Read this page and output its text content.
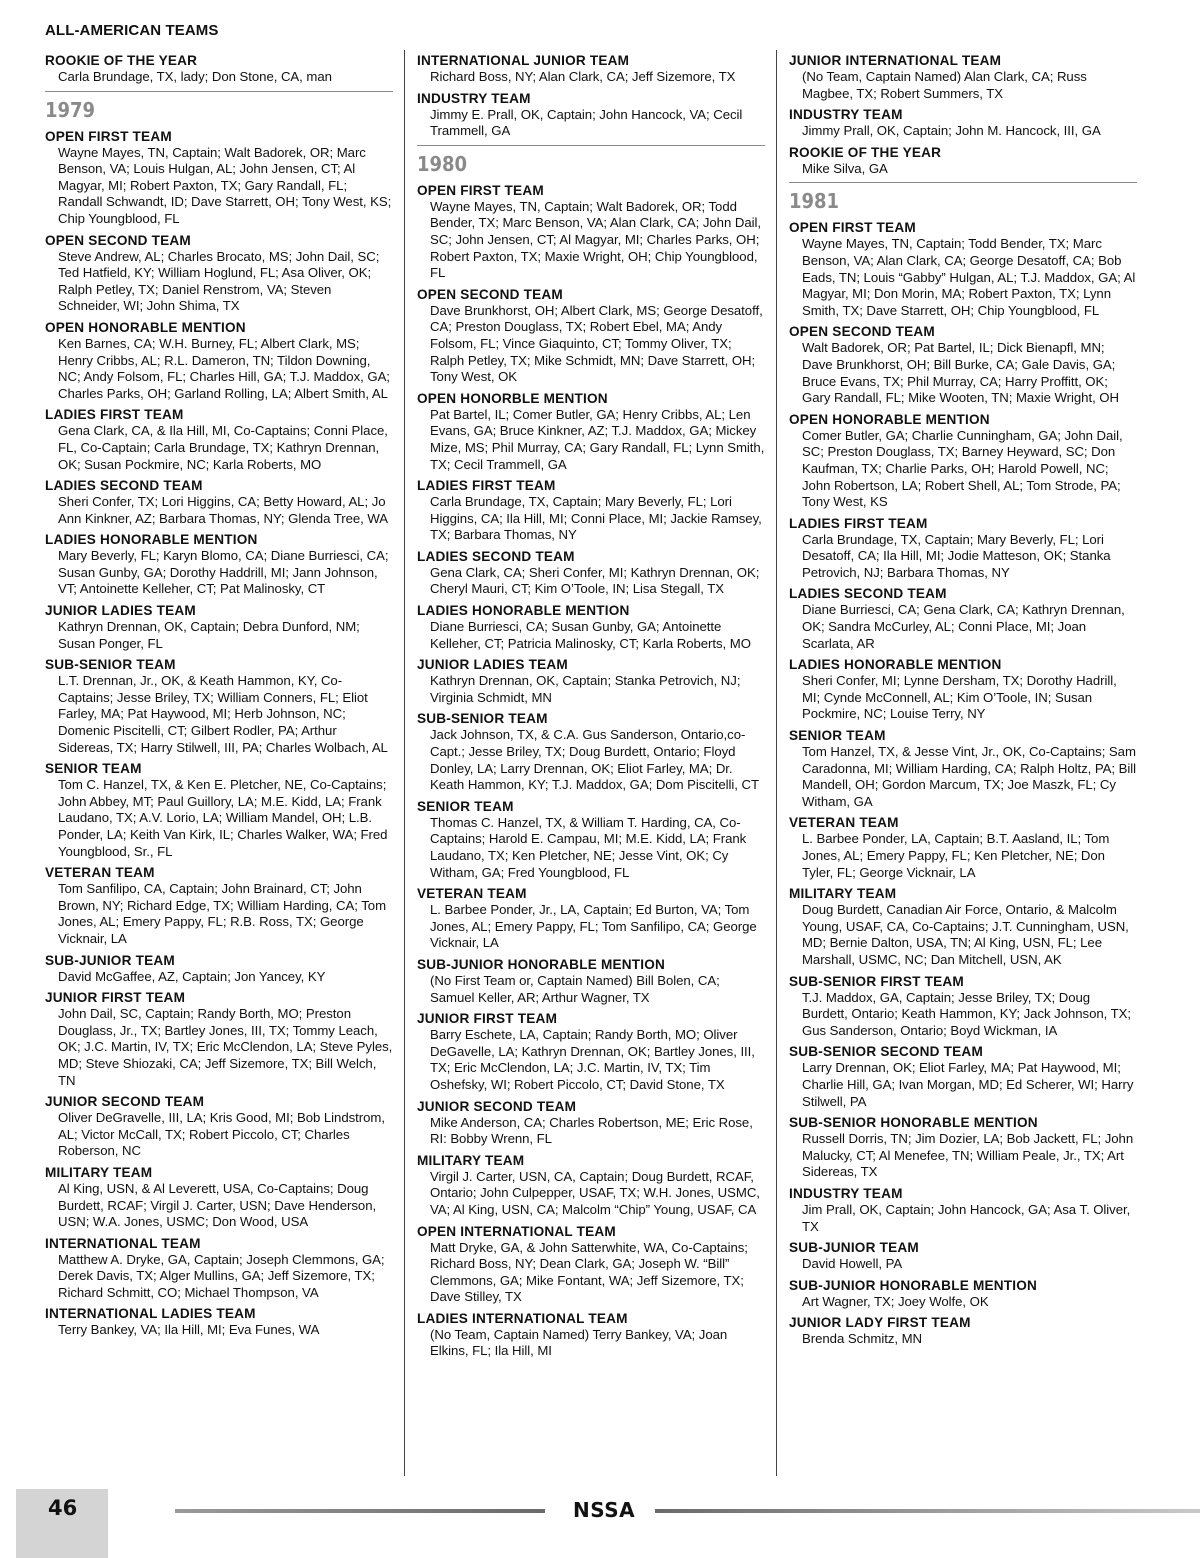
ALL-AMERICAN TEAMS
ROOKIE OF THE YEAR
Carla Brundage, TX, lady; Don Stone, CA, man
1979
OPEN FIRST TEAM
Wayne Mayes, TN, Captain; Walt Badorek, OR; Marc Benson, VA; Louis Hulgan, AL; John Jensen, CT; Al Magyar, MI; Robert Paxton, TX; Gary Randall, FL; Randall Schwandt, ID; Dave Starrett, OH; Tony West, KS; Chip Youngblood, FL
OPEN SECOND TEAM
Steve Andrew, AL; Charles Brocato, MS; John Dail, SC; Ted Hatfield, KY; William Hoglund, FL; Asa Oliver, OK; Ralph Petley, TX; Daniel Renstrom, VA; Steven Schneider, WI; John Shima, TX
OPEN HONORABLE MENTION
Ken Barnes, CA; W.H. Burney, FL; Albert Clark, MS; Henry Cribbs, AL; R.L. Dameron, TN; Tildon Downing, NC; Andy Folsom, FL; Charles Hill, GA; T.J. Maddox, GA; Charles Parks, OH; Garland Rolling, LA; Albert Smith, AL
LADIES FIRST TEAM
Gena Clark, CA, & Ila Hill, MI, Co-Captains; Conni Place, FL, Co-Captain; Carla Brundage, TX; Kathryn Drennan, OK; Susan Pockmire, NC; Karla Roberts, MO
LADIES SECOND TEAM
Sheri Confer, TX; Lori Higgins, CA; Betty Howard, AL; Jo Ann Kinkner, AZ; Barbara Thomas, NY; Glenda Tree, WA
LADIES HONORABLE MENTION
Mary Beverly, FL; Karyn Blomo, CA; Diane Burriesci, CA; Susan Gunby, GA; Dorothy Haddrill, MI; Jann Johnson, VT; Antoinette Kelleher, CT; Pat Malinosky, CT
JUNIOR LADIES TEAM
Kathryn Drennan, OK, Captain; Debra Dunford, NM; Susan Ponger, FL
SUB-SENIOR TEAM
L.T. Drennan, Jr., OK, & Keath Hammon, KY, Co-Captains; Jesse Briley, TX; William Conners, FL; Eliot Farley, MA; Pat Haywood, MI; Herb Johnson, NC; Domenic Piscitelli, CT; Gilbert Rodler, PA; Arthur Sidereas, TX; Harry Stilwell, III, PA; Charles Wolbach, AL
SENIOR TEAM
Tom C. Hanzel, TX, & Ken E. Pletcher, NE, Co-Captains; John Abbey, MT; Paul Guillory, LA; M.E. Kidd, LA; Frank Laudano, TX; A.V. Lorio, LA; William Mandel, OH; L.B. Ponder, LA; Keith Van Kirk, IL; Charles Walker, WA; Fred Youngblood, Sr., FL
VETERAN TEAM
Tom Sanfilipo, CA, Captain; John Brainard, CT; John Brown, NY; Richard Edge, TX; William Harding, CA; Tom Jones, AL; Emery Pappy, FL; R.B. Ross, TX; George Vicknair, LA
SUB-JUNIOR TEAM
David McGaffee, AZ, Captain; Jon Yancey, KY
JUNIOR FIRST TEAM
John Dail, SC, Captain; Randy Borth, MO; Preston Douglass, Jr., TX; Bartley Jones, III, TX; Tommy Leach, OK; J.C. Martin, IV, TX; Eric McClendon, LA; Steve Pyles, MD; Steve Shiozaki, CA; Jeff Sizemore, TX; Bill Welch, TN
JUNIOR SECOND TEAM
Oliver DeGravelle, III, LA; Kris Good, MI; Bob Lindstrom, AL; Victor McCall, TX; Robert Piccolo, CT; Charles Roberson, NC
MILITARY TEAM
Al King, USN, & Al Leverett, USA, Co-Captains; Doug Burdett, RCAF; Virgil J. Carter, USN; Dave Henderson, USN; W.A. Jones, USMC; Don Wood, USA
INTERNATIONAL TEAM
Matthew A. Dryke, GA, Captain; Joseph Clemmons, GA; Derek Davis, TX; Alger Mullins, GA; Jeff Sizemore, TX; Richard Schmitt, CO; Michael Thompson, VA
INTERNATIONAL LADIES TEAM
Terry Bankey, VA; Ila Hill, MI; Eva Funes, WA
INTERNATIONAL JUNIOR TEAM
Richard Boss, NY; Alan Clark, CA; Jeff Sizemore, TX
INDUSTRY TEAM
Jimmy E. Prall, OK, Captain; John Hancock, VA; Cecil Trammell, GA
1980
OPEN FIRST TEAM
Wayne Mayes, TN, Captain; Walt Badorek, OR; Todd Bender, TX; Marc Benson, VA; Alan Clark, CA; John Dail, SC; John Jensen, CT; Al Magyar, MI; Charles Parks, OH; Robert Paxton, TX; Maxie Wright, OH; Chip Youngblood, FL
OPEN SECOND TEAM
Dave Brunkhorst, OH; Albert Clark, MS; George Desatoff, CA; Preston Douglass, TX; Robert Ebel, MA; Andy Folsom, FL; Vince Giaquinto, CT; Tommy Oliver, TX; Ralph Petley, TX; Mike Schmidt, MN; Dave Starrett, OH; Tony West, OK
OPEN HONORBLE MENTION
Pat Bartel, IL; Comer Butler, GA; Henry Cribbs, AL; Len Evans, GA; Bruce Kinkner, AZ; T.J. Maddox, GA; Mickey Mize, MS; Phil Murray, CA; Gary Randall, FL; Lynn Smith, TX; Cecil Trammell, GA
LADIES FIRST TEAM
Carla Brundage, TX, Captain; Mary Beverly, FL; Lori Higgins, CA; Ila Hill, MI; Conni Place, MI; Jackie Ramsey, TX; Barbara Thomas, NY
LADIES SECOND TEAM
Gena Clark, CA; Sheri Confer, MI; Kathryn Drennan, OK; Cheryl Mauri, CT; Kim O’Toole, IN; Lisa Stegall, TX
LADIES HONORABLE MENTION
Diane Burriesci, CA; Susan Gunby, GA; Antoinette Kelleher, CT; Patricia Malinosky, CT; Karla Roberts, MO
JUNIOR LADIES TEAM
Kathryn Drennan, OK, Captain; Stanka Petrovich, NJ; Virginia Schmidt, MN
SUB-SENIOR TEAM
Jack Johnson, TX, & C.A. Gus Sanderson, Ontario,co-Capt.; Jesse Briley, TX; Doug Burdett, Ontario; Floyd Donley, LA; Larry Drennan, OK; Eliot Farley, MA; Dr. Keath Hammon, KY; T.J. Maddox, GA; Dom Piscitelli, CT
SENIOR TEAM
Thomas C. Hanzel, TX, & William T. Harding, CA, Co-Captains; Harold E. Campau, MI; M.E. Kidd, LA; Frank Laudano, TX; Ken Pletcher, NE; Jesse Vint, OK; Cy Witham, GA; Fred Youngblood, FL
VETERAN TEAM
L. Barbee Ponder, Jr., LA, Captain; Ed Burton, VA; Tom Jones, AL; Emery Pappy, FL; Tom Sanfilipo, CA; George Vicknair, LA
SUB-JUNIOR HONORABLE MENTION
(No First Team or, Captain Named) Bill Bolen, CA; Samuel Keller, AR; Arthur Wagner, TX
JUNIOR FIRST TEAM
Barry Eschete, LA, Captain; Randy Borth, MO; Oliver DeGavelle, LA; Kathryn Drennan, OK; Bartley Jones, III, TX; Eric McClendon, LA; J.C. Martin, IV, TX; Tim Oshefsky, WI; Robert Piccolo, CT; David Stone, TX
JUNIOR SECOND TEAM
Mike Anderson, CA; Charles Robertson, ME; Eric Rose, RI: Bobby Wrenn, FL
MILITARY TEAM
Virgil J. Carter, USN, CA, Captain; Doug Burdett, RCAF, Ontario; John Culpepper, USAF, TX; W.H. Jones, USMC, VA; Al King, USN, CA; Malcolm “Chip” Young, USAF, CA
OPEN INTERNATIONAL TEAM
Matt Dryke, GA, & John Satterwhite, WA, Co-Captains; Richard Boss, NY; Dean Clark, GA; Joseph W. “Bill” Clemmons, GA; Mike Fontant, WA; Jeff Sizemore, TX; Dave Stilley, TX
LADIES INTERNATIONAL TEAM
(No Team, Captain Named) Terry Bankey, VA; Joan Elkins, FL; Ila Hill, MI
JUNIOR INTERNATIONAL TEAM
(No Team, Captain Named) Alan Clark, CA; Russ Magbee, TX; Robert Summers, TX
INDUSTRY TEAM
Jimmy Prall, OK, Captain; John M. Hancock, III, GA
ROOKIE OF THE YEAR
Mike Silva, GA
1981
OPEN FIRST TEAM
Wayne Mayes, TN, Captain; Todd Bender, TX; Marc Benson, VA; Alan Clark, CA; George Desatoff, CA; Bob Eads, TN; Louis “Gabby” Hulgan, AL; T.J. Maddox, GA; Al Magyar, MI; Don Morin, MA; Robert Paxton, TX; Lynn Smith, TX; Dave Starrett, OH; Chip Youngblood, FL
OPEN SECOND TEAM
Walt Badorek, OR; Pat Bartel, IL; Dick Bienapfl, MN; Dave Brunkhorst, OH; Bill Burke, CA; Gale Davis, GA; Bruce Evans, TX; Phil Murray, CA; Harry Proffitt, OK; Gary Randall, FL; Mike Wooten, TN; Maxie Wright, OH
OPEN HONORABLE MENTION
Comer Butler, GA; Charlie Cunningham, GA; John Dail, SC; Preston Douglass, TX; Barney Heyward, SC; Don Kaufman, TX; Charlie Parks, OH; Harold Powell, NC; John Robertson, LA; Robert Shell, AL; Tom Strode, PA; Tony West, KS
LADIES FIRST TEAM
Carla Brundage, TX, Captain; Mary Beverly, FL; Lori Desatoff, CA; Ila Hill, MI; Jodie Matteson, OK; Stanka Petrovich, NJ; Barbara Thomas, NY
LADIES SECOND TEAM
Diane Burriesci, CA; Gena Clark, CA; Kathryn Drennan, OK; Sandra McCurley, AL; Conni Place, MI; Joan Scarlata, AR
LADIES HONORABLE MENTION
Sheri Confer, MI; Lynne Dersham, TX; Dorothy Hadrill, MI; Cynde McConnell, AL; Kim O’Toole, IN; Susan Pockmire, NC; Louise Terry, NY
SENIOR TEAM
Tom Hanzel, TX, & Jesse Vint, Jr., OK, Co-Captains; Sam Caradonna, MI; William Harding, CA; Ralph Holtz, PA; Bill Mandell, OH; Gordon Marcum, TX; Joe Maszk, FL; Cy Witham, GA
VETERAN TEAM
L. Barbee Ponder, LA, Captain; B.T. Aasland, IL; Tom Jones, AL; Emery Pappy, FL; Ken Pletcher, NE; Don Tyler, FL; George Vicknair, LA
MILITARY TEAM
Doug Burdett, Canadian Air Force, Ontario, & Malcolm Young, USAF, CA, Co-Captains; J.T. Cunningham, USN, MD; Bernie Dalton, USA, TN; Al King, USN, FL; Lee Marshall, USMC, NC; Dan Mitchell, USN, AK
SUB-SENIOR FIRST TEAM
T.J. Maddox, GA, Captain; Jesse Briley, TX; Doug Burdett, Ontario; Keath Hammon, KY; Jack Johnson, TX; Gus Sanderson, Ontario; Boyd Wickman, IA
SUB-SENIOR SECOND TEAM
Larry Drennan, OK; Eliot Farley, MA; Pat Haywood, MI; Charlie Hill, GA; Ivan Morgan, MD; Ed Scherer, WI; Harry Stilwell, PA
SUB-SENIOR HONORABLE MENTION
Russell Dorris, TN; Jim Dozier, LA; Bob Jackett, FL; John Malucky, CT; Al Menefee, TN; William Peale, Jr., TX; Art Sidereas, TX
INDUSTRY TEAM
Jim Prall, OK, Captain; John Hancock, GA; Asa T. Oliver, TX
SUB-JUNIOR TEAM
David Howell, PA
SUB-JUNIOR HONORABLE MENTION
Art Wagner, TX; Joey Wolfe, OK
JUNIOR LADY FIRST TEAM
Brenda Schmitz, MN
46	NSSA
